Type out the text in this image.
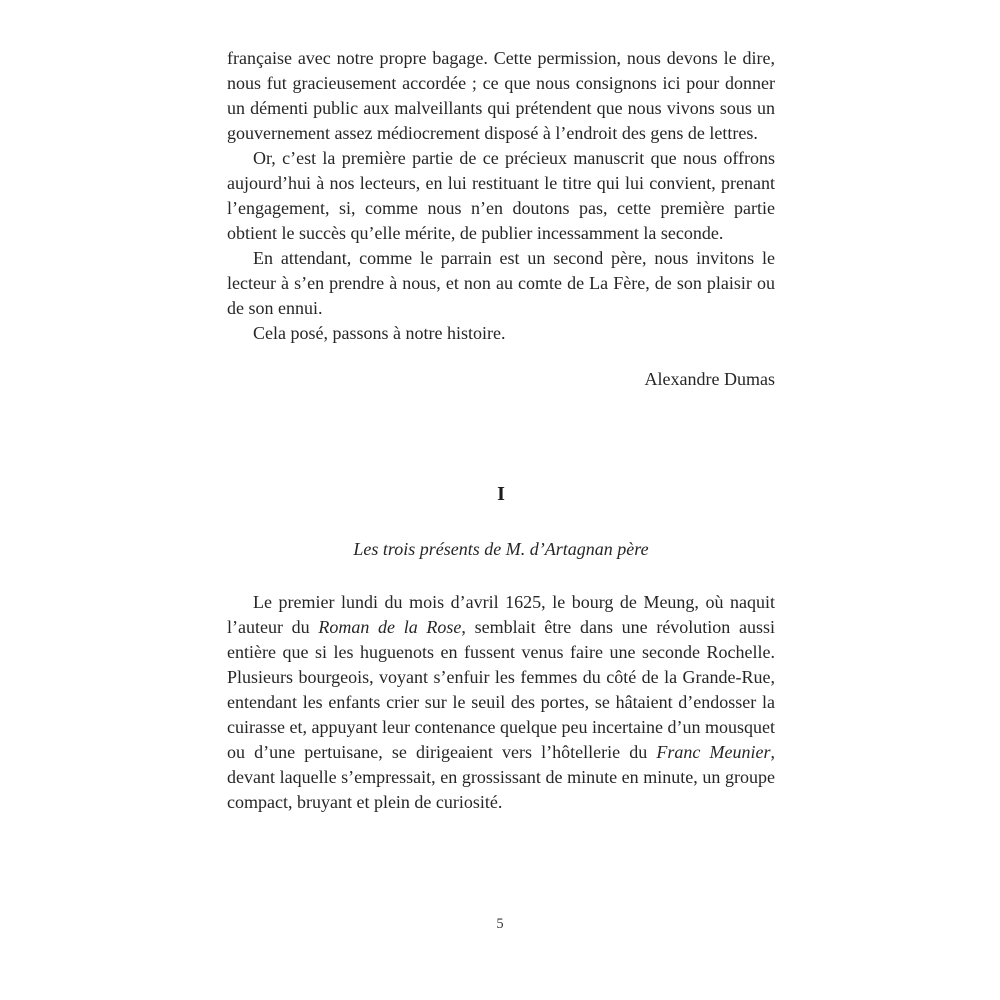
française avec notre propre bagage. Cette permission, nous devons le dire, nous fut gracieusement accordée ; ce que nous consignons ici pour donner un démenti public aux malveillants qui prétendent que nous vivons sous un gouvernement assez médiocrement disposé à l’endroit des gens de lettres.

Or, c’est la première partie de ce précieux manuscrit que nous offrons aujourd’hui à nos lecteurs, en lui restituant le titre qui lui convient, prenant l’engagement, si, comme nous n’en doutons pas, cette première partie obtient le succès qu’elle mérite, de publier incessamment la seconde.

En attendant, comme le parrain est un second père, nous invitons le lecteur à s’en prendre à nous, et non au comte de La Fère, de son plaisir ou de son ennui.

Cela posé, passons à notre histoire.

Alexandre Dumas

I
Les trois présents de M. d’Artagnan père

Le premier lundi du mois d’avril 1625, le bourg de Meung, où naquit l’auteur du Roman de la Rose, semblait être dans une révolution aussi entière que si les huguenots en fussent venus faire une seconde Rochelle. Plusieurs bourgeois, voyant s’enfuir les femmes du côté de la Grande-Rue, entendant les enfants crier sur le seuil des portes, se hâtaient d’endosser la cuirasse et, appuyant leur contenance quelque peu incertaine d’un mousquet ou d’une pertuisane, se dirigeaient vers l’hôtellerie du Franc Meunier, devant laquelle s’empressait, en grossissant de minute en minute, un groupe compact, bruyant et plein de curiosité.

5
